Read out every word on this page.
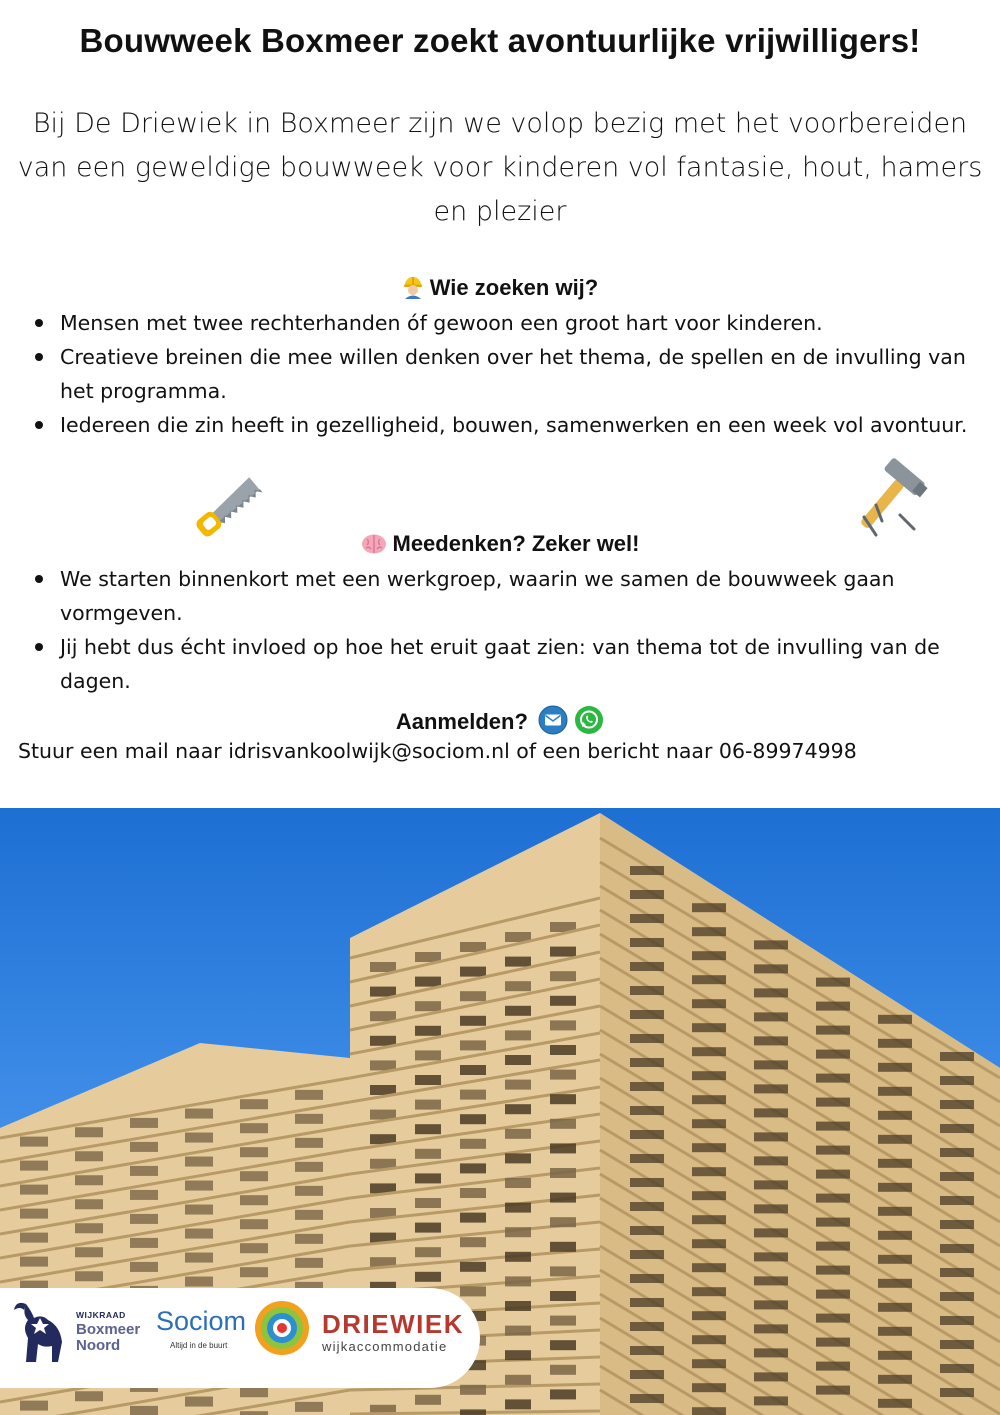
Bouwweek Boxmeer zoekt avontuurlijke vrijwilligers!
Bij De Driewiek in Boxmeer zijn we volop bezig met het voorbereiden
van een geweldige bouwweek voor kinderen vol fantasie, hout, hamers
en plezier
Wie zoeken wij?
Mensen met twee rechterhanden óf gewoon een groot hart voor kinderen.
Creatieve breinen die mee willen denken over het thema, de spellen en de invulling van het programma.
Iedereen die zin heeft in gezelligheid, bouwen, samenwerken en een week vol avontuur.
Meedenken? Zeker wel!
We starten binnenkort met een werkgroep, waarin we samen de bouwweek gaan vormgeven.
Jij hebt dus écht invloed op hoe het eruit gaat zien: van thema tot de invulling van de dagen.
Aanmelden?
Stuur een mail naar idrisvankoolwijk@sociom.nl of een bericht naar 06-89974998
WIJKRAAD
Boxmeer
Noord
Sociom
Altijd in de buurt
DRIEWIEK
wijkaccommodatie
